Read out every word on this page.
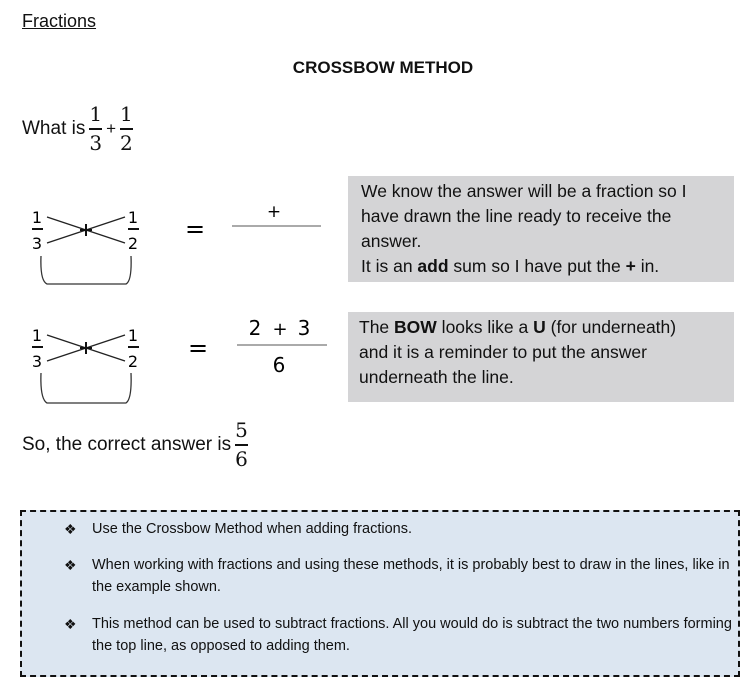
Fractions
CROSSBOW METHOD
What is $\frac{1}{3} + \frac{1}{2}$
1
3
1
2
=
+
We know the answer will be a fraction so I
have drawn the line ready to receive the
answer.
It is an add sum so I have put the + in.
1
3
1
2 =
2 + 3
6
The BOW looks like a U (for underneath)
and it is a reminder to put the answer
underneath the line.
So, the correct answer is $\frac{5}{6}$
❖ Use the Crossbow Method when adding fractions.
❖ When working with fractions and using these methods, it is probably best to draw in the lines, like in the example shown.
❖ This method can be used to subtract fractions. All you would do is subtract the two numbers forming the top line, as opposed to adding them.
